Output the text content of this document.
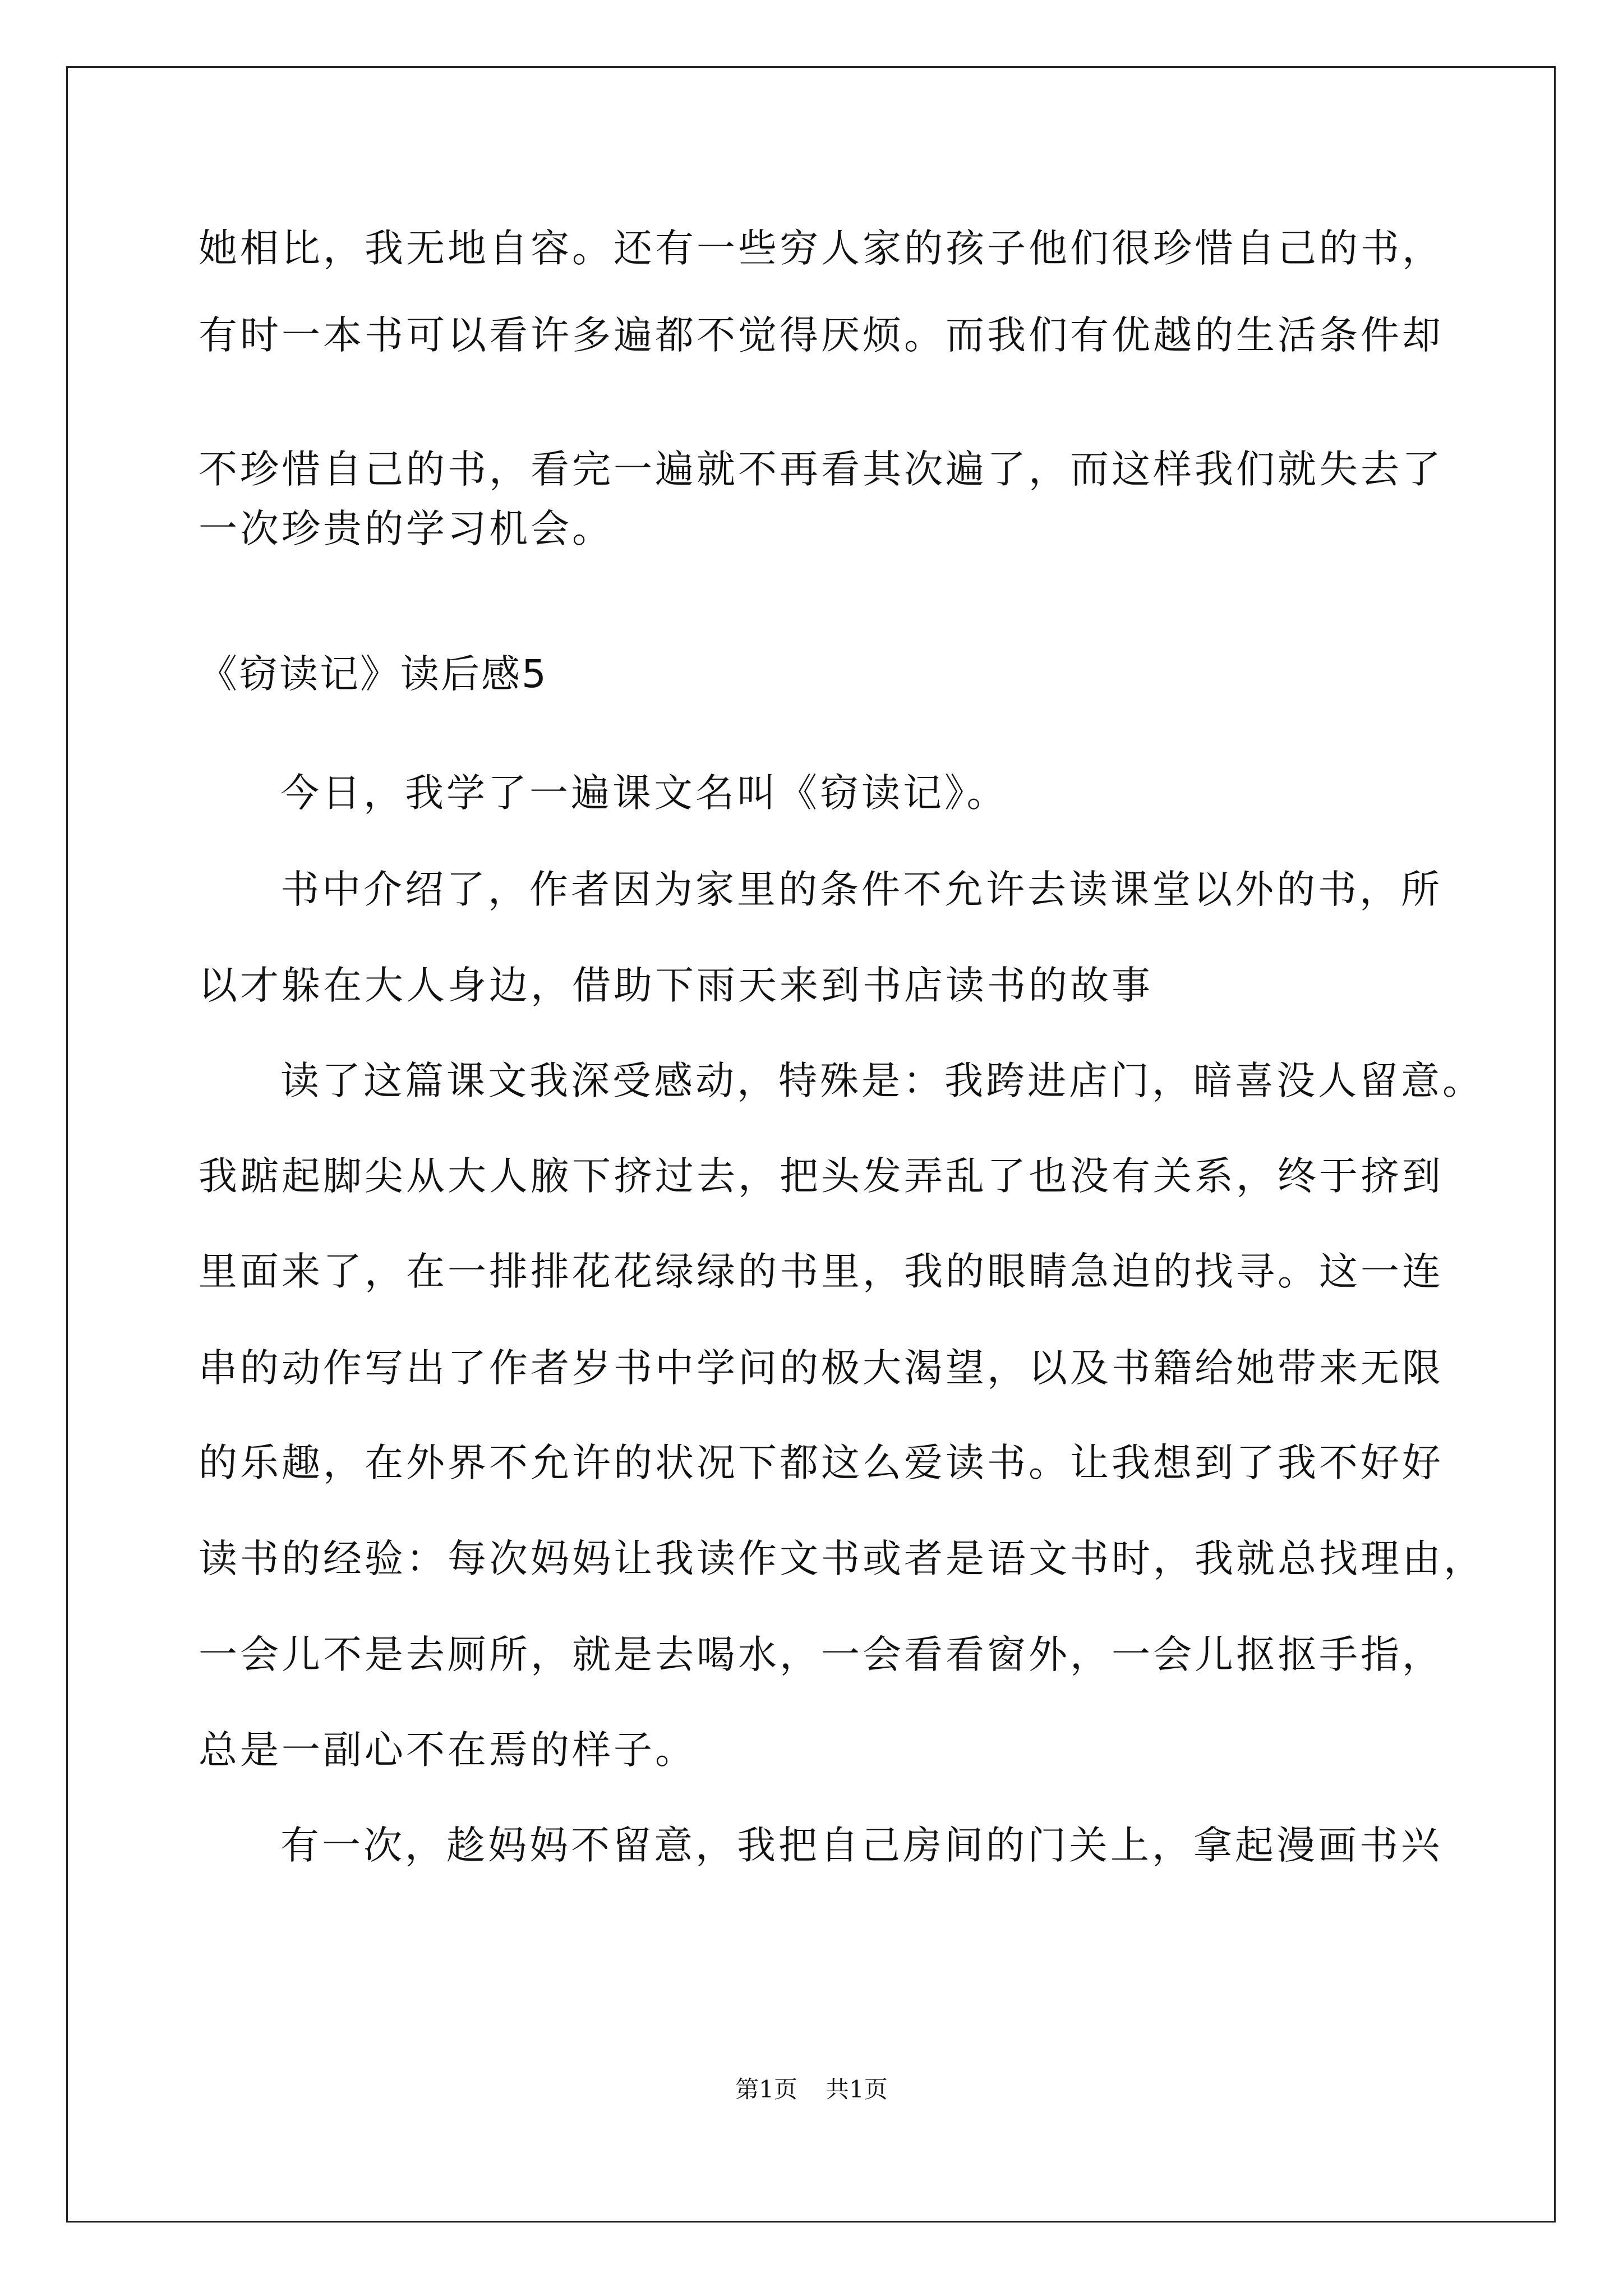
她相比，我无地自容。还有一些穷人家的孩子他们很珍惜自己的书，
有时一本书可以看许多遍都不觉得厌烦。而我们有优越的生活条件却
不珍惜自己的书，看完一遍就不再看其次遍了，而这样我们就失去了
一次珍贵的学习机会。
《窃读记》读后感5
今日，我学了一遍课文名叫《窃读记》。
书中介绍了，作者因为家里的条件不允许去读课堂以外的书，所
以才躲在大人身边，借助下雨天来到书店读书的故事
读了这篇课文我深受感动，特殊是：我跨进店门，暗喜没人留意。
我踮起脚尖从大人腋下挤过去，把头发弄乱了也没有关系，终于挤到
里面来了，在一排排花花绿绿的书里，我的眼睛急迫的找寻。这一连
串的动作写出了作者岁书中学问的极大渴望，以及书籍给她带来无限
的乐趣，在外界不允许的状况下都这么爱读书。让我想到了我不好好
读书的经验：每次妈妈让我读作文书或者是语文书时，我就总找理由，
一会儿不是去厕所，就是去喝水，一会看看窗外，一会儿抠抠手指，
总是一副心不在焉的样子。
有一次，趁妈妈不留意，我把自己房间的门关上，拿起漫画书兴
第1页 共1页
